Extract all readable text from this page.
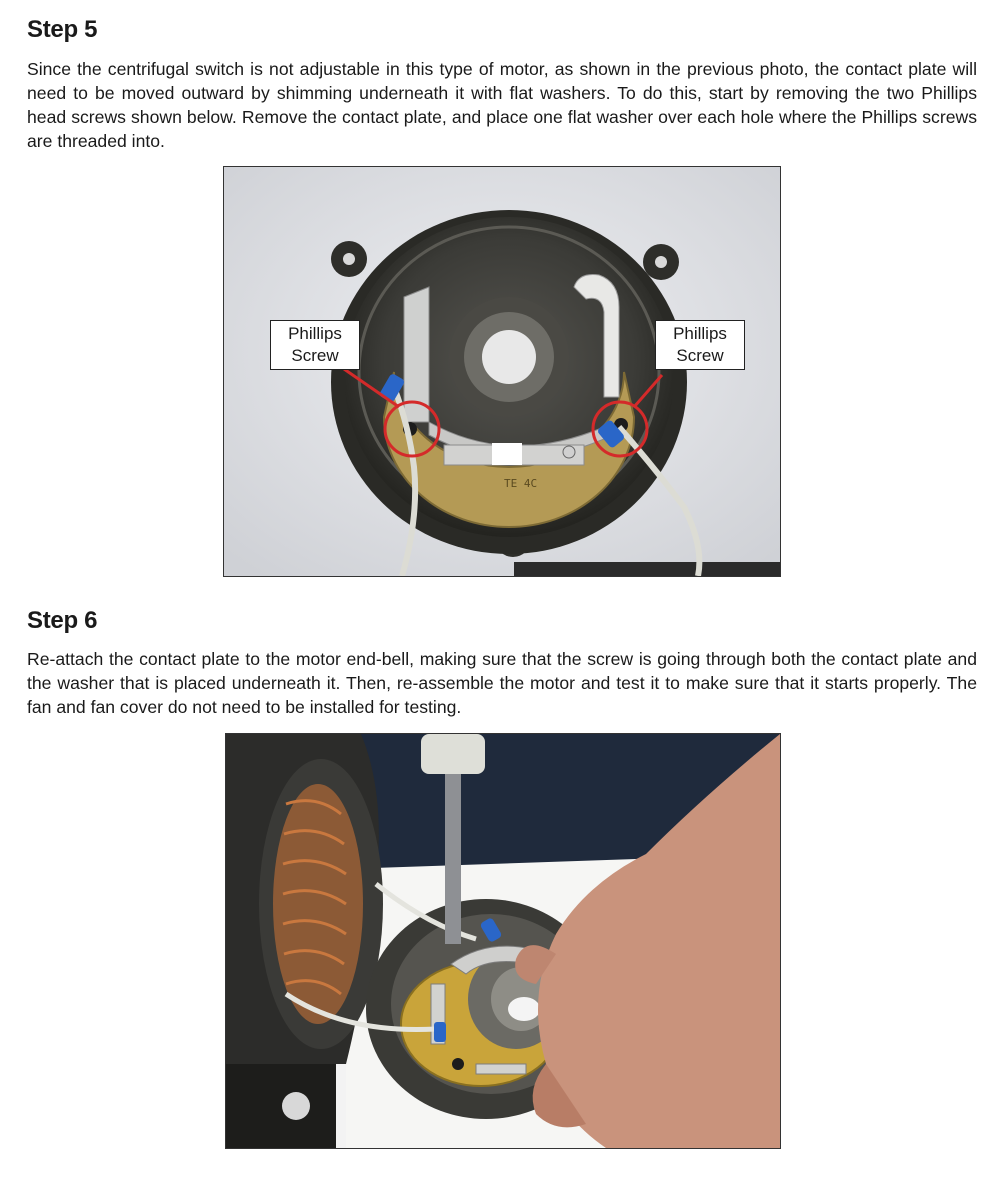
Step 5

Since the centrifugal switch is not adjustable in this type of motor, as shown in the previous photo, the contact plate will need to be moved outward by shimming underneath it with flat washers. To do this, start by removing the two Phillips head screws shown below. Remove the contact plate, and place one flat washer over each hole where the Phillips screws are threaded into.

TE 4C
Phillips
Screw
Phillips
Screw
Step 6

Re-attach the contact plate to the motor end-bell, making sure that the screw is going through both the contact plate and the washer that is placed underneath it. Then, re-assemble the motor and test it to make sure that it starts properly. The fan and fan cover do not need to be installed for testing.
